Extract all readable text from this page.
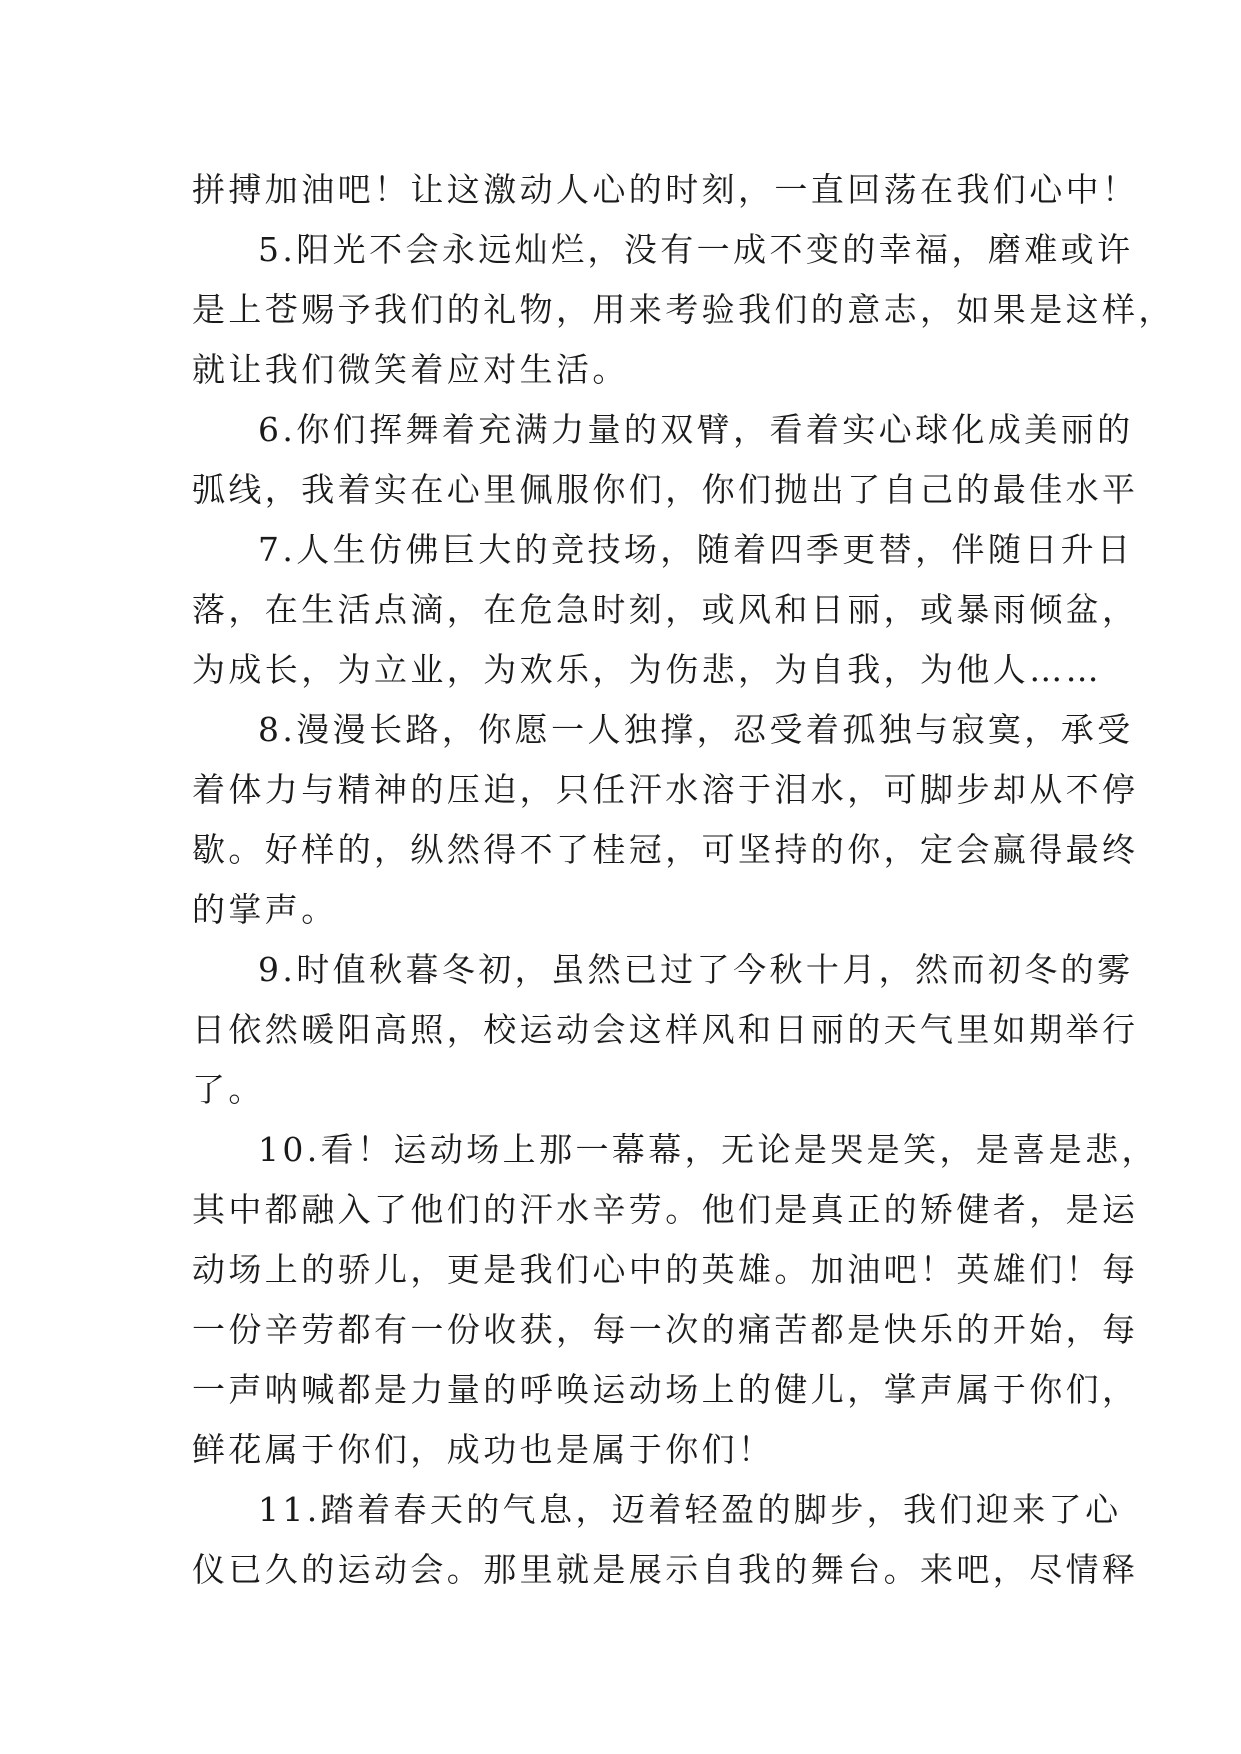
拼搏加油吧！让这激动人心的时刻，一直回荡在我们心中！
5.阳光不会永远灿烂，没有一成不变的幸福，磨难或许
是上苍赐予我们的礼物，用来考验我们的意志，如果是这样，
就让我们微笑着应对生活。
6.你们挥舞着充满力量的双臂，看着实心球化成美丽的
弧线，我着实在心里佩服你们，你们抛出了自己的最佳水平
7.人生仿佛巨大的竞技场，随着四季更替，伴随日升日
落，在生活点滴，在危急时刻，或风和日丽，或暴雨倾盆，
为成长，为立业，为欢乐，为伤悲，为自我，为他人……
8.漫漫长路，你愿一人独撑，忍受着孤独与寂寞，承受
着体力与精神的压迫，只任汗水溶于泪水，可脚步却从不停
歇。好样的，纵然得不了桂冠，可坚持的你，定会赢得最终
的掌声。
9.时值秋暮冬初，虽然已过了今秋十月，然而初冬的雾
日依然暖阳高照，校运动会这样风和日丽的天气里如期举行
了。
10.看！运动场上那一幕幕，无论是哭是笑，是喜是悲，
其中都融入了他们的汗水辛劳。他们是真正的矫健者，是运
动场上的骄儿，更是我们心中的英雄。加油吧！英雄们！每
一份辛劳都有一份收获，每一次的痛苦都是快乐的开始，每
一声呐喊都是力量的呼唤运动场上的健儿，掌声属于你们，
鲜花属于你们，成功也是属于你们！
11.踏着春天的气息，迈着轻盈的脚步，我们迎来了心
仪已久的运动会。那里就是展示自我的舞台。来吧，尽情释
